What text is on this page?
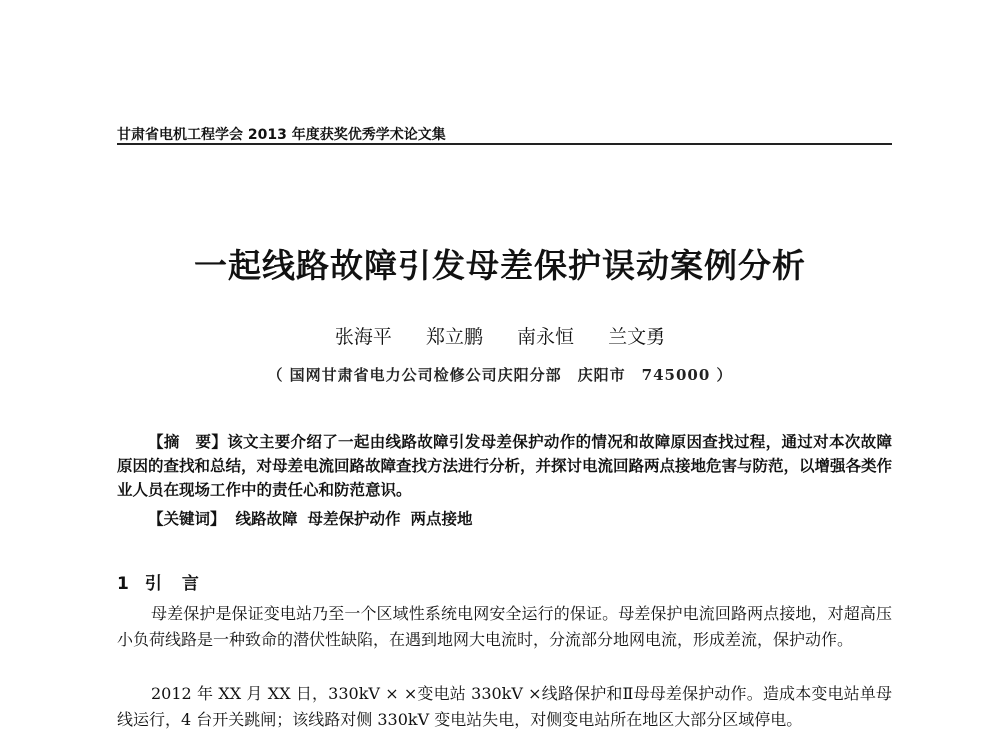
甘肃省电机工程学会 2013 年度获奖优秀学术论文集
一起线路故障引发母差保护误动案例分析
张海平 郑立鹏 南永恒 兰文勇
（ 国网甘肃省电力公司检修公司庆阳分部　庆阳市　745000 ）
【摘　要】该文主要介绍了一起由线路故障引发母差保护动作的情况和故障原因查找过程，通过对本次故障原因的查找和总结，对母差电流回路故障查找方法进行分析，并探讨电流回路两点接地危害与防范，以增强各类作业人员在现场工作中的责任心和防范意识。
【关键词】 线路故障 母差保护动作 两点接地
1 引言
母差保护是保证变电站乃至一个区域性系统电网安全运行的保证。母差保护电流回路两点接地，对超高压小负荷线路是一种致命的潜伏性缺陷，在遇到地网大电流时，分流部分地网电流，形成差流，保护动作。
2012 年 XX 月 XX 日，330kV × ×变电站 330kV ×线路保护和Ⅱ母母差保护动作。造成本变电站单母线运行，4 台开关跳闸；该线路对侧 330kV 变电站失电，对侧变电站所在地区大部分区域停电。
